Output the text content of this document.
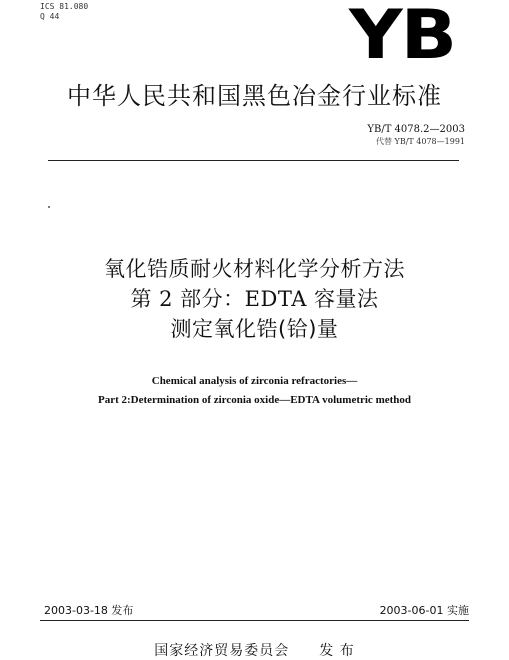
ICS 81.080
Q 44	YB
中华人民共和国黑色冶金行业标准
YB/T 4078.2—2003
代替 YB/T 4078—1991
氧化锆质耐火材料化学分析方法
第 2 部分：EDTA 容量法
测定氧化锆(铪)量
Chemical analysis of zirconia refractories—
Part 2:Determination of zirconia oxide—EDTA volumetric method
2003-03-18 发布	2003-06-01 实施
国家经济贸易委员会　　发 布
